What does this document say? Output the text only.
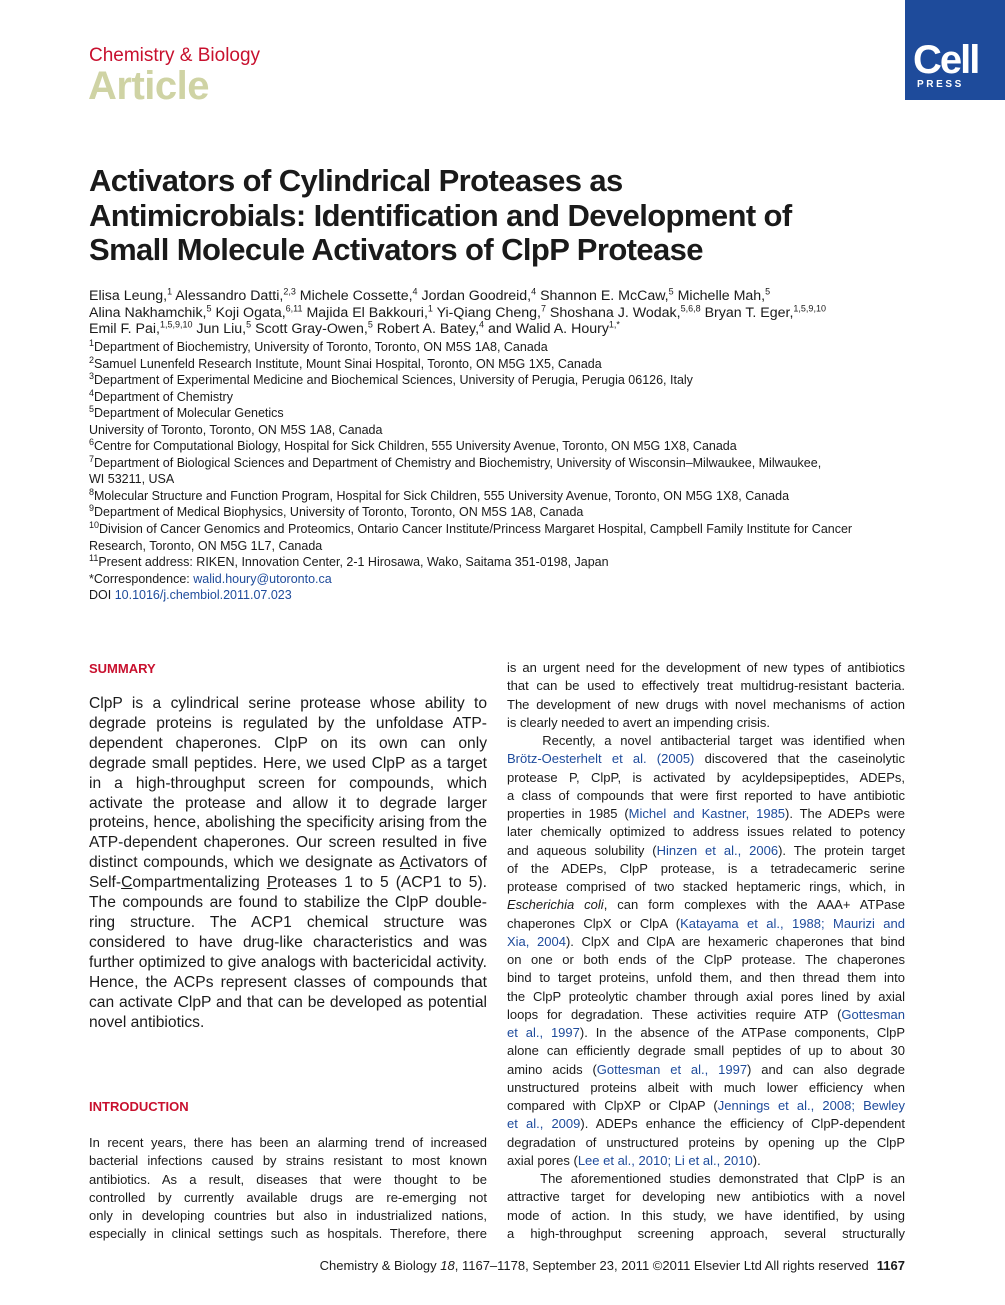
Chemistry & Biology
Article
Cell
PRESS
Activators of Cylindrical Proteases as
Antimicrobials: Identification and Development of
Small Molecule Activators of ClpP Protease
Elisa Leung,$^1$ Alessandro Datti,$^{2,3}$ Michele Cossette,$^4$ Jordan Goodreid,$^4$ Shannon E. McCaw,$^5$ Michelle Mah,$^5$
Alina Nakhamchik,$^5$ Koji Ogata,$^{6,11}$ Majida El Bakkouri,$^1$ Yi-Qiang Cheng,$^7$ Shoshana J. Wodak,$^{5,6,8}$ Bryan T. Eger,$^{1,5,9,10}$
Emil F. Pai,$^{1,5,9,10}$ Jun Liu,$^5$ Scott Gray-Owen,$^5$ Robert A. Batey,$^4$ and Walid A. Houry$^{1,*}$
$^1$Department of Biochemistry, University of Toronto, Toronto, ON M5S 1A8, Canada
$^2$Samuel Lunenfeld Research Institute, Mount Sinai Hospital, Toronto, ON M5G 1X5, Canada
$^3$Department of Experimental Medicine and Biochemical Sciences, University of Perugia, Perugia 06126, Italy
$^4$Department of Chemistry
$^5$Department of Molecular Genetics
University of Toronto, Toronto, ON M5S 1A8, Canada
$^6$Centre for Computational Biology, Hospital for Sick Children, 555 University Avenue, Toronto, ON M5G 1X8, Canada
$^7$Department of Biological Sciences and Department of Chemistry and Biochemistry, University of Wisconsin–Milwaukee, Milwaukee,
WI 53211, USA
$^8$Molecular Structure and Function Program, Hospital for Sick Children, 555 University Avenue, Toronto, ON M5G 1X8, Canada
$^9$Department of Medical Biophysics, University of Toronto, Toronto, ON M5S 1A8, Canada
$^{10}$Division of Cancer Genomics and Proteomics, Ontario Cancer Institute/Princess Margaret Hospital, Campbell Family Institute for Cancer
Research, Toronto, ON M5G 1L7, Canada
$^{11}$Present address: RIKEN, Innovation Center, 2-1 Hirosawa, Wako, Saitama 351-0198, Japan
*Correspondence: walid.houry@utoronto.ca
DOI 10.1016/j.chembiol.2011.07.023
SUMMARY
ClpP is a cylindrical serine protease whose ability to degrade proteins is regulated by the unfoldase ATP-dependent chaperones. ClpP on its own can only degrade small peptides. Here, we used ClpP as a target in a high-throughput screen for compounds, which activate the protease and allow it to degrade larger proteins, hence, abolishing the specificity arising from the ATP-dependent chaperones. Our screen resulted in five distinct compounds, which we designate as Activators of Self-Compartmentalizing Proteases 1 to 5 (ACP1 to 5). The compounds are found to stabilize the ClpP double-ring structure. The ACP1 chemical structure was considered to have drug-like characteristics and was further optimized to give analogs with bactericidal activity. Hence, the ACPs represent classes of compounds that can activate ClpP and that can be developed as potential novel antibiotics.
INTRODUCTION
In recent years, there has been an alarming trend of increased
bacterial infections caused by strains resistant to most known
antibiotics. As a result, diseases that were thought to be
controlled by currently available drugs are re-emerging not
only in developing countries but also in industrialized nations,
especially in clinical settings such as hospitals. Therefore, there
is an urgent need for the development of new types of antibiotics
that can be used to effectively treat multidrug-resistant bacteria.
The development of new drugs with novel mechanisms of action
is clearly needed to avert an impending crisis.
Recently, a novel antibacterial target was identified when
Brötz-Oesterhelt et al. (2005) discovered that the caseinolytic
protease P, ClpP, is activated by acyldepsipeptides, ADEPs,
a class of compounds that were first reported to have antibiotic
properties in 1985 (Michel and Kastner, 1985). The ADEPs were
later chemically optimized to address issues related to potency
and aqueous solubility (Hinzen et al., 2006). The protein target
of the ADEPs, ClpP protease, is a tetradecameric serine
protease comprised of two stacked heptameric rings, which, in
Escherichia coli, can form complexes with the AAA+ ATPase
chaperones ClpX or ClpA (Katayama et al., 1988; Maurizi and
Xia, 2004). ClpX and ClpA are hexameric chaperones that bind
on one or both ends of the ClpP protease. The chaperones
bind to target proteins, unfold them, and then thread them into
the ClpP proteolytic chamber through axial pores lined by axial
loops for degradation. These activities require ATP (Gottesman
et al., 1997). In the absence of the ATPase components, ClpP
alone can efficiently degrade small peptides of up to about 30
amino acids (Gottesman et al., 1997) and can also degrade
unstructured proteins albeit with much lower efficiency when
compared with ClpXP or ClpAP (Jennings et al., 2008; Bewley
et al., 2009). ADEPs enhance the efficiency of ClpP-dependent
degradation of unstructured proteins by opening up the ClpP
axial pores (Lee et al., 2010; Li et al., 2010).
The aforementioned studies demonstrated that ClpP is an
attractive target for developing new antibiotics with a novel
mode of action. In this study, we have identified, by using
a high-throughput screening approach, several structurally
Chemistry & Biology 18, 1167–1178, September 23, 2011 ©2011 Elsevier Ltd All rights reserved 1167
